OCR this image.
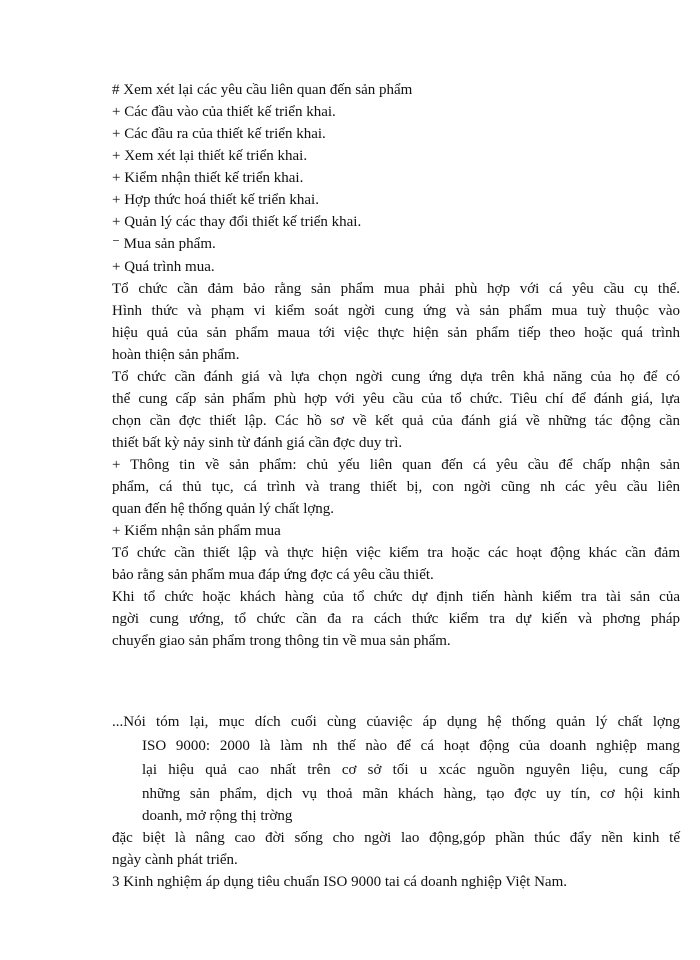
# Xem xét lại các yêu cầu liên quan đến sản phẩm

+ Các đầu vào của thiết kế triển khai.

+ Các đầu ra của thiết kế triển khai.

+ Xem xét lại thiết kế triển khai.

+ Kiểm nhận thiết kế triển khai.

+ Hợp thức hoá thiết kế triển khai.

+ Quản lý các thay đổi thiết kế triển khai.

⁻ Mua sản phẩm.

+ Quá trình mua.

Tổ chức cần đảm bảo rằng sản phẩm mua phải phù hợp với cá yêu cầu cụ thể.

Hình thức và phạm vi kiểm soát ngời cung ứng và sản phẩm mua tuỳ thuộc vào

hiệu quả của sản phẩm maua tới việc thực hiện sản phẩm tiếp theo hoặc quá trình

hoàn thiện sản phẩm.

Tổ chức cần đánh giá và lựa chọn ngời cung ứng dựa trên khả năng của họ để có

thể cung cấp sản phẩm phù hợp với yêu cầu của tổ chức. Tiêu chí để đánh giá, lựa

chọn cần đợc thiết lập. Các hồ sơ về kết quả của đánh giá về những tác động cần

thiết bất kỳ nảy sinh từ đánh giá cần đợc duy trì.

+ Thông tin về sản phẩm: chủ yếu liên quan đến cá yêu cầu để chấp nhận sản

phẩm, cá thủ tục, cá trình và trang thiết bị, con ngời cũng nh các yêu cầu liên

quan đến hệ thống quản lý chất lợng.

+ Kiểm nhận sản phẩm mua

Tổ chức cần thiết lập và thực hiện việc kiểm tra hoặc các hoạt động khác cần đảm

bảo rằng sản phẩm mua đáp ứng đợc cá yêu cầu thiết.

Khi tổ chức hoặc khách hàng của tổ chức dự định tiến hành kiểm tra tài sản của

ngời cung ướng, tổ chức cần đa ra cách thức kiểm tra dự kiến và phơng pháp

chuyển giao sản phẩm trong thông tin về mua sản phẩm.

...Nói tóm lại, mục dích cuối cùng củaviệc áp dụng hệ thống quản lý chất lợng

ISO 9000: 2000 là làm nh thế nào để cá hoạt động của doanh nghiệp mang

lại hiệu quả cao nhất trên cơ sở tối u xcác nguồn nguyên liệu, cung cấp

những sản phẩm, dịch vụ thoả mãn khách hàng, tạo đợc uy tín, cơ hội kinh

doanh, mở rộng thị trờng

đặc biệt là nâng cao đời sống cho ngời lao động,góp phần thúc đẩy nền kinh tế

ngày cành phát triển.

3 Kinh nghiệm áp dụng tiêu chuẩn ISO 9000 tai cá doanh nghiệp Việt Nam.
